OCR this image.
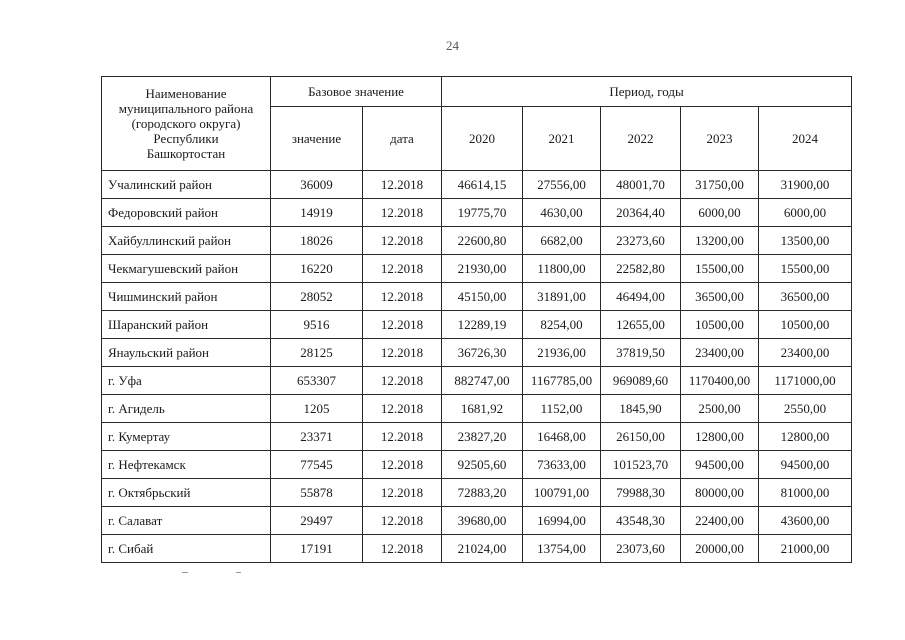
24
Наименование
муниципального района
(городского округа)
Республики
Башкортостан	Базовое значение		Период, годы				
	значение	дата	2020	2021	2022	2023	2024
Учалинский район	36009	12.2018	46614,15	27556,00	48001,70	31750,00	31900,00
Федоровский район	14919	12.2018	19775,70	4630,00	20364,40	6000,00	6000,00
Хайбуллинский район	18026	12.2018	22600,80	6682,00	23273,60	13200,00	13500,00
Чекмагушевский район	16220	12.2018	21930,00	11800,00	22582,80	15500,00	15500,00
Чишминский район	28052	12.2018	45150,00	31891,00	46494,00	36500,00	36500,00
Шаранский район	9516	12.2018	12289,19	8254,00	12655,00	10500,00	10500,00
Янаульский район	28125	12.2018	36726,30	21936,00	37819,50	23400,00	23400,00
г. Уфа	653307	12.2018	882747,00	1167785,00	969089,60	1170400,00	1171000,00
г. Агидель	1205	12.2018	1681,92	1152,00	1845,90	2500,00	2550,00
г. Кумертау	23371	12.2018	23827,20	16468,00	26150,00	12800,00	12800,00
г. Нефтекамск	77545	12.2018	92505,60	73633,00	101523,70	94500,00	94500,00
г. Октябрьский	55878	12.2018	72883,20	100791,00	79988,30	80000,00	81000,00
г. Салават	29497	12.2018	39680,00	16994,00	43548,30	22400,00	43600,00
г. Сибай	17191	12.2018	21024,00	13754,00	23073,60	20000,00	21000,00
